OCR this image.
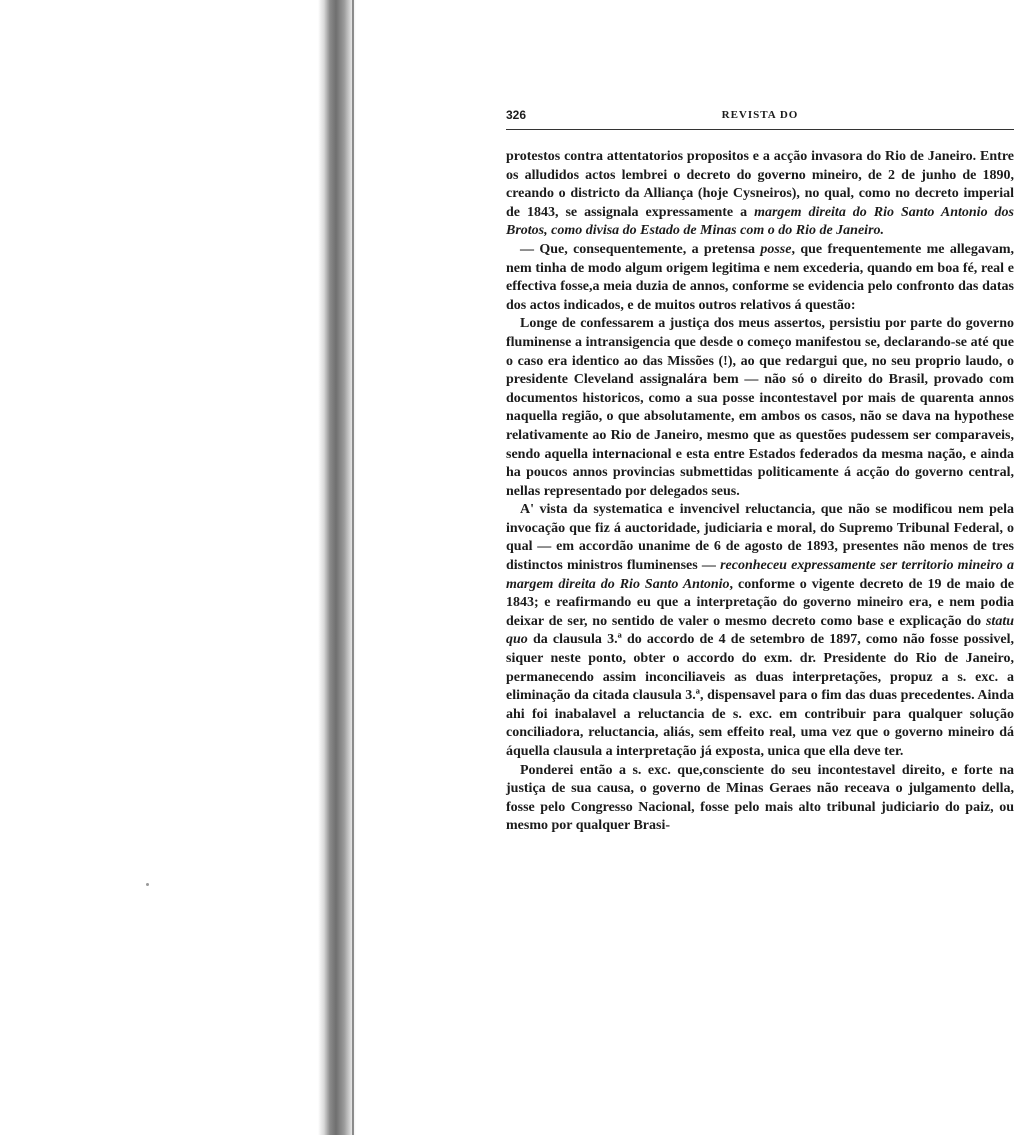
326	REVISTA DO

protestos contra attentatorios propositos e a acção invasora do Rio de Janeiro. Entre os alludidos actos lembrei o decreto do governo mineiro, de 2 de junho de 1890, creando o districto da Alliança (hoje Cysneiros), no qual, como no decreto imperial de 1843, se assignala expressamente a margem direita do Rio Santo Antonio dos Brotos, como divisa do Estado de Minas com o do Rio de Janeiro.

— Que, consequentemente, a pretensa posse, que frequentemente me allegavam, nem tinha de modo algum origem legitima e nem excederia, quando em boa fé, real e effectiva fosse,a meia duzia de annos, conforme se evidencia pelo confronto das datas dos actos indicados, e de muitos outros relativos á questão:

Longe de confessarem a justiça dos meus assertos, persistiu por parte do governo fluminense a intransigencia que desde o começo manifestou se, declarando-se até que o caso era identico ao das Missões (!), ao que redargui que, no seu proprio laudo, o presidente Cleveland assignalára bem — não só o direito do Brasil, provado com documentos historicos, como a sua posse incontestavel por mais de quarenta annos naquella região, o que absolutamente, em ambos os casos, não se dava na hypothese relativamente ao Rio de Janeiro, mesmo que as questões pudessem ser comparaveis, sendo aquella internacional e esta entre Estados federados da mesma nação, e ainda ha poucos annos provincias submettidas politicamente á acção do governo central, nellas representado por delegados seus.

A' vista da systematica e invencivel reluctancia, que não se modificou nem pela invocação que fiz á auctoridade, judiciaria e moral, do Supremo Tribunal Federal, o qual — em accordão unanime de 6 de agosto de 1893, presentes não menos de tres distinctos ministros fluminenses — reconheceu expressamente ser territorio mineiro a margem direita do Rio Santo Antonio, conforme o vigente decreto de 19 de maio de 1843; e reafirmando eu que a interpretação do governo mineiro era, e nem podia deixar de ser, no sentido de valer o mesmo decreto como base e explicação do statu quo da clausula 3.ª do accordo de 4 de setembro de 1897, como não fosse possivel, siquer neste ponto, obter o accordo do exm. dr. Presidente do Rio de Janeiro, permanecendo assim inconciliaveis as duas interpretações, propuz a s. exc. a eliminação da citada clausula 3.ª, dispensavel para o fim das duas precedentes. Ainda ahi foi inabalavel a reluctancia de s. exc. em contribuir para qualquer solução conciliadora, reluctancia, aliás, sem effeito real, uma vez que o governo mineiro dá áquella clausula a interpretação já exposta, unica que ella deve ter.

Ponderei então a s. exc. que,consciente do seu incontestavel direito, e forte na justiça de sua causa, o governo de Minas Geraes não receava o julgamento della, fosse pelo Congresso Nacional, fosse pelo mais alto tribunal judiciario do paiz, ou mesmo por qualquer Brasi-
